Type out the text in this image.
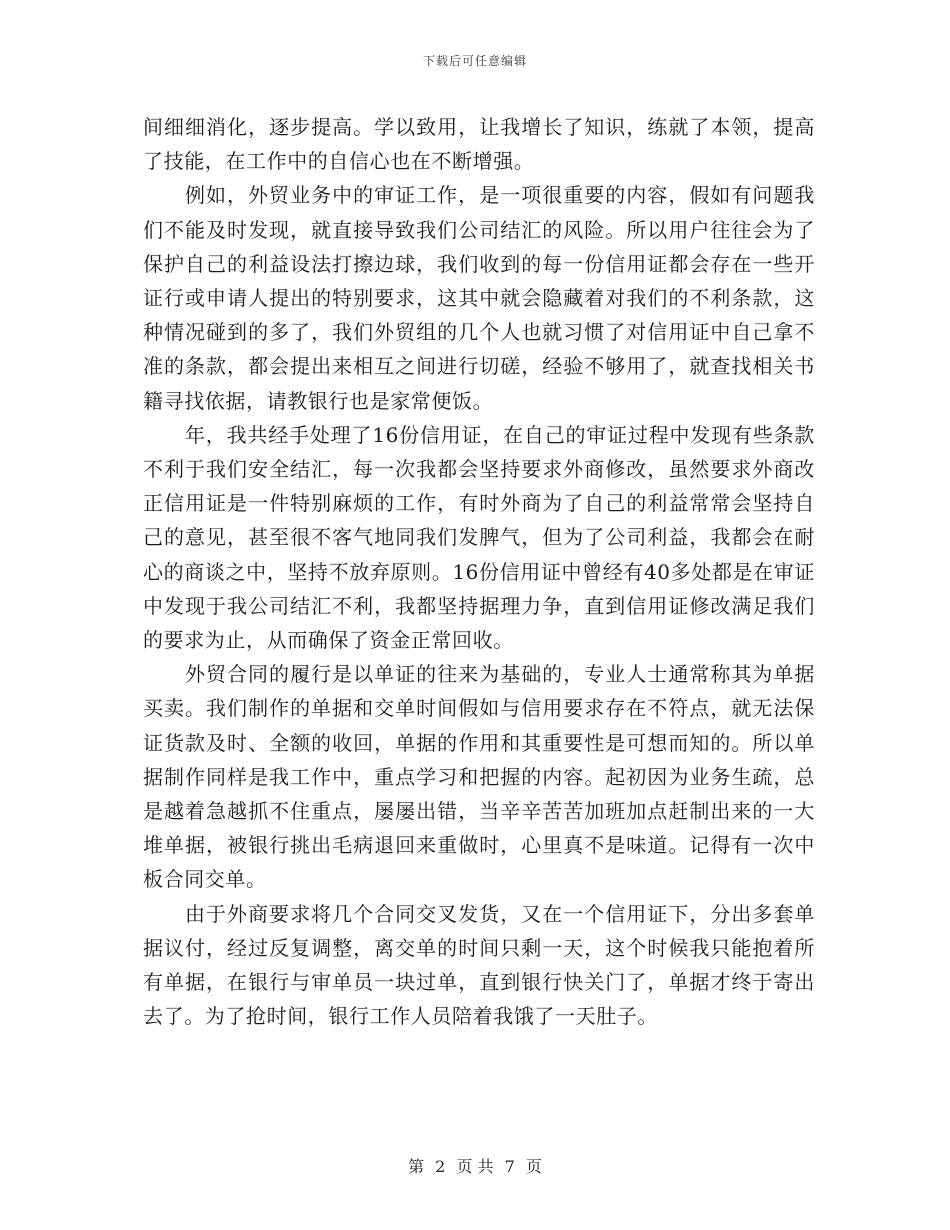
下载后可任意编辑

间细细消化，逐步提高。学以致用，让我增长了知识，练就了本领，提高了技能，在工作中的自信心也在不断增强。

例如，外贸业务中的审证工作，是一项很重要的内容，假如有问题我们不能及时发现，就直接导致我们公司结汇的风险。所以用户往往会为了保护自己的利益设法打擦边球，我们收到的每一份信用证都会存在一些开证行或申请人提出的特别要求，这其中就会隐藏着对我们的不利条款，这种情况碰到的多了，我们外贸组的几个人也就习惯了对信用证中自己拿不准的条款，都会提出来相互之间进行切磋，经验不够用了，就查找相关书籍寻找依据，请教银行也是家常便饭。

年，我共经手处理了16份信用证，在自己的审证过程中发现有些条款不利于我们安全结汇，每一次我都会坚持要求外商修改，虽然要求外商改正信用证是一件特别麻烦的工作，有时外商为了自己的利益常常会坚持自己的意见，甚至很不客气地同我们发脾气，但为了公司利益，我都会在耐心的商谈之中，坚持不放弃原则。16份信用证中曾经有40多处都是在审证中发现于我公司结汇不利，我都坚持据理力争，直到信用证修改满足我们的要求为止，从而确保了资金正常回收。

外贸合同的履行是以单证的往来为基础的，专业人士通常称其为单据买卖。我们制作的单据和交单时间假如与信用要求存在不符点，就无法保证货款及时、全额的收回，单据的作用和其重要性是可想而知的。所以单据制作同样是我工作中，重点学习和把握的内容。起初因为业务生疏，总是越着急越抓不住重点，屡屡出错，当辛辛苦苦加班加点赶制出来的一大堆单据，被银行挑出毛病退回来重做时，心里真不是味道。记得有一次中板合同交单。

由于外商要求将几个合同交叉发货，又在一个信用证下，分出多套单据议付，经过反复调整，离交单的时间只剩一天，这个时候我只能抱着所有单据，在银行与审单员一块过单，直到银行快关门了，单据才终于寄出去了。为了抢时间，银行工作人员陪着我饿了一天肚子。

第 2 页 共 7 页
